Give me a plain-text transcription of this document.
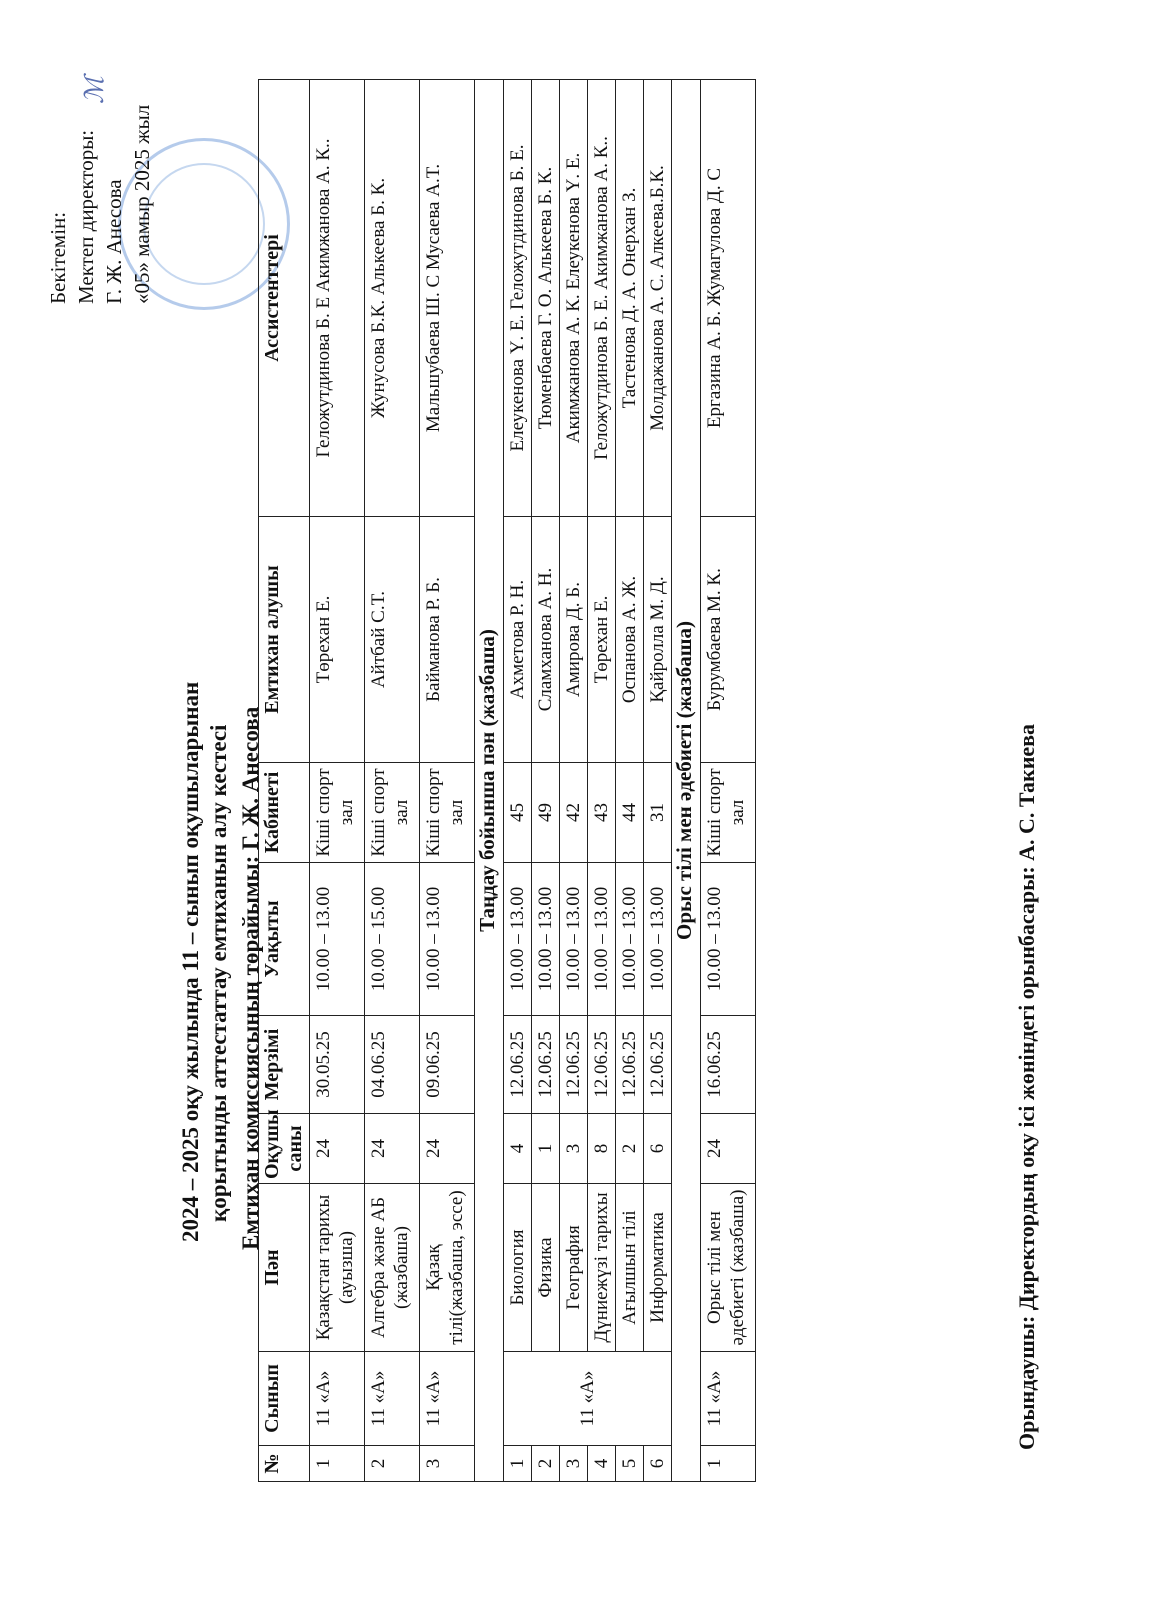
Бекітемін: Мектеп директоры: Г. Ж. Анесова «05» мамыр 2025 жыл
ℳ
2024 – 2025 оқу жылында 11 – сынып оқушыларынан қорытынды аттестаттау емтиханын алу кестесі Емтихан комиссиясының төрайымы: Г. Ж. Анесова
№	Сынып	Пән	Оқушы саны	Мерзімі	Уақыты	Кабинеті	Емтихан алушы	Ассистенттері
1	11 «А»	Қазақстан тарихы (ауызша)	24	30.05.25	10.00 – 13.00	Кіші спорт зал	Төрехан Е.	Геложутдинова Б. Е Акимжанова А. К..
2	11 «А»	Алгебра және АБ (жазбаша)	24	04.06.25	10.00 – 15.00	Кіші спорт зал	Айтбай С.Т.	Жунусова Б.К. Алькеева Б. К.
3	11 «А»	Қазақ тілі(жазбаша, эссе)	24	09.06.25	10.00 – 13.00	Кіші спорт зал	Байманова Р. Б.	Мальшубаева Ш. С Мусаева А.Т.
Таңдау бойынша пән (жазбаша)								
1	11 «А»	Биология	4	12.06.25	10.00 – 13.00	45	Ахметова Р. Н.	Елеукенова Ү. Е. Геложутдинова Б. Е.
2		Физика	1	12.06.25	10.00 – 13.00	49	Сламханова А. Н.	Тюменбаева Г. О. Алькеева Б. К.
3		География	3	12.06.25	10.00 – 13.00	42	Амирова Д. Б.	Акимжанова А. К. Елеукенова Ү. Е.
4		Дүниежүзі тарихы	8	12.06.25	10.00 – 13.00	43	Төрехан Е.	Геложутдинова Б. Е. Акимжанова А. К..
5		Ағылшын тілі	2	12.06.25	10.00 – 13.00	44	Оспанова А. Ж.	Тастенова Д. А. Онерхан З.
6		Информатика	6	12.06.25	10.00 – 13.00	31	Қайролла М. Д.	Молдажанова А. С. Алкеева.Б.К.
Орыс тілі мен әдебиеті (жазбаша)								
1	11 «А»	Орыс тілі мен әдебиеті (жазбаша)	24	16.06.25	10.00 – 13.00	Кіші спорт зал	Бурумбаева М. К.	Ергазина А. Б. Жумагулова Д. С
Орындаушы: Директордың оқу ісі жөніндегі орынбасары: А. С. Такиева
